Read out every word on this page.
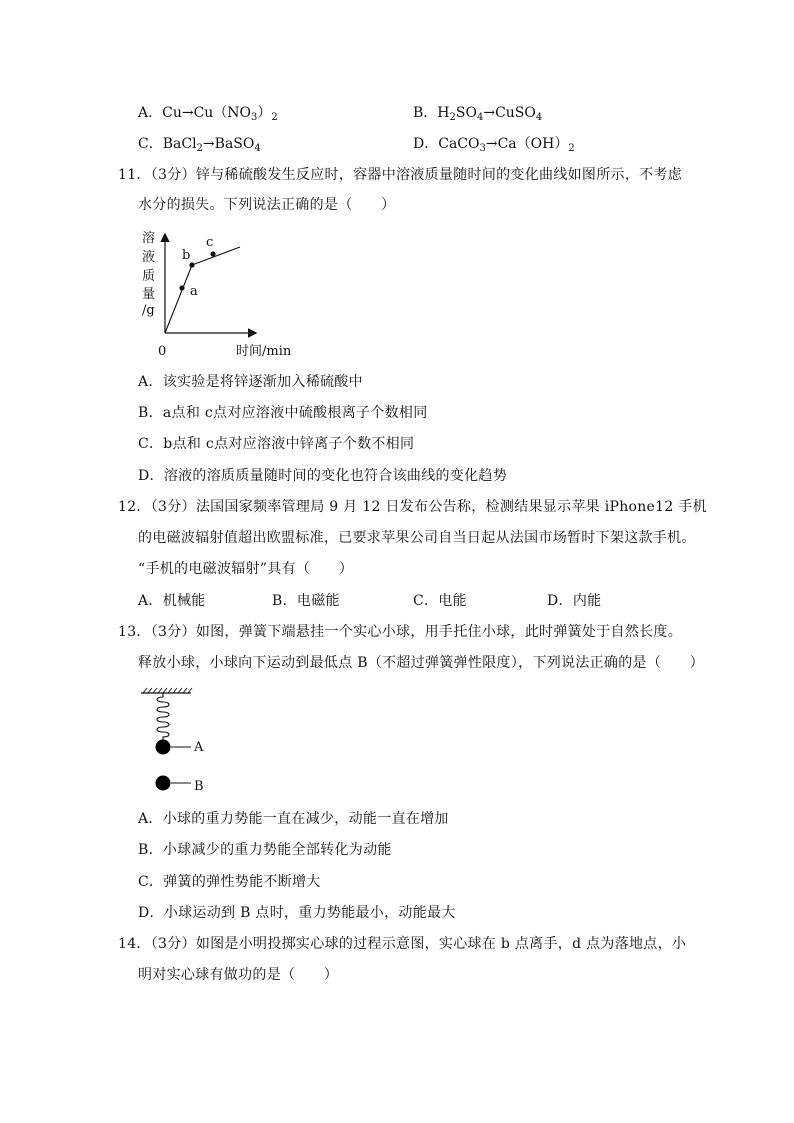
A．$Cu\to Cu(NO_3)_2$	B．$H_2SO_4\to CuSO_4$
C．BaCl$_2$→BaSO$_4$	D．$CaCO_3\to Ca(OH)_2$
11．（3分）锌与稀硫酸发生反应时，容器中溶液质量随时间的变化曲线如图所示，不考虑
水分的损失。下列说法正确的是（　　）
a
b
c
溶
液
质
量
/g
0	时间/min
A．该实验是将锌逐渐加入稀硫酸中
B．a点和 c点对应溶液中硫酸根离子个数相同
C．b点和 c点对应溶液中锌离子个数不相同
D．溶液的溶质质量随时间的变化也符合该曲线的变化趋势
12．（3分）法国国家频率管理局 9 月 12 日发布公告称，检测结果显示苹果 iPhone12 手机
的电磁波辐射值超出欧盟标准，已要求苹果公司自当日起从法国市场暂时下架这款手机。
“手机的电磁波辐射”具有（　　）
A．机械能	B．电磁能	C．电能	D．内能
13．（3分）如图，弹簧下端悬挂一个实心小球，用手托住小球，此时弹簧处于自然长度。
释放小球，小球向下运动到最低点 B（不超过弹簧弹性限度），下列说法正确的是（　　）
A
B
A．小球的重力势能一直在减少，动能一直在增加
B．小球减少的重力势能全部转化为动能
C．弹簧的弹性势能不断增大
D．小球运动到 B 点时，重力势能最小，动能最大
14．（3分）如图是小明投掷实心球的过程示意图，实心球在 b 点离手，d 点为落地点，小
明对实心球有做功的是（　　）
